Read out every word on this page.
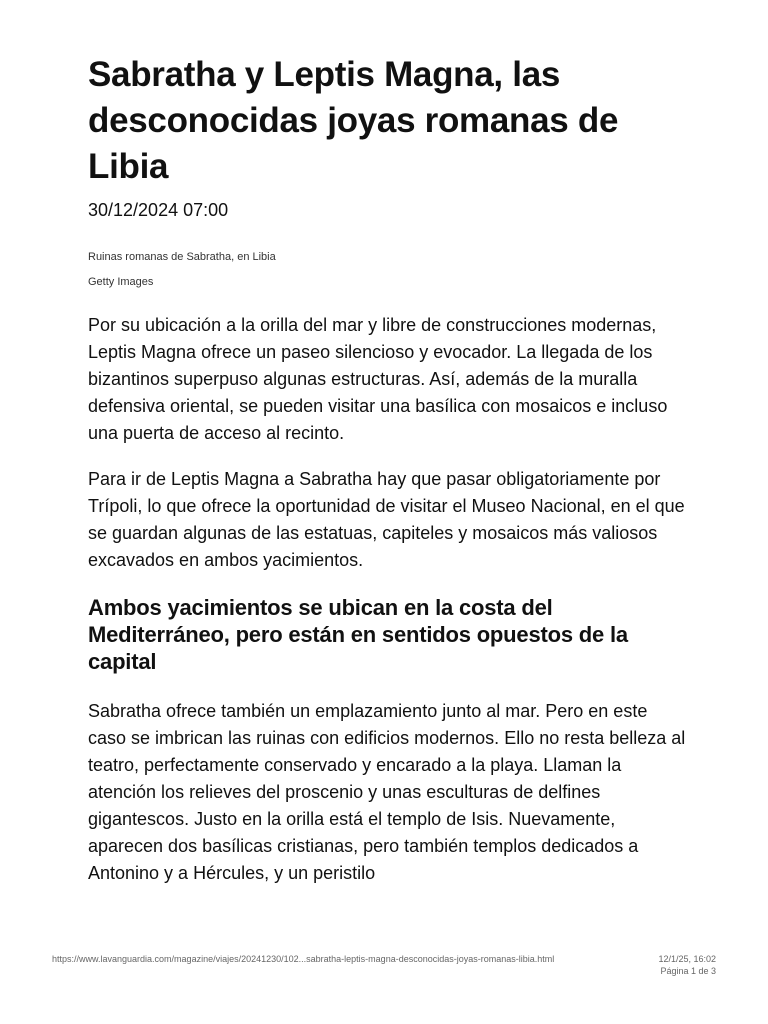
Sabratha y Leptis Magna, las desconocidas joyas romanas de Libia
30/12/2024 07:00
Ruinas romanas de Sabratha, en Libia
Getty Images

Por su ubicación a la orilla del mar y libre de construcciones modernas, Leptis Magna ofrece un paseo silencioso y evocador. La llegada de los bizantinos superpuso algunas estructuras. Así, además de la muralla defensiva oriental, se pueden visitar una basílica con mosaicos e incluso una puerta de acceso al recinto.

Para ir de Leptis Magna a Sabratha hay que pasar obligatoriamente por Trípoli, lo que ofrece la oportunidad de visitar el Museo Nacional, en el que se guardan algunas de las estatuas, capiteles y mosaicos más valiosos excavados en ambos yacimientos.

Ambos yacimientos se ubican en la costa del Mediterráneo, pero están en sentidos opuestos de la capital

Sabratha ofrece también un emplazamiento junto al mar. Pero en este caso se imbrican las ruinas con edificios modernos. Ello no resta belleza al teatro, perfectamente conservado y encarado a la playa. Llaman la atención los relieves del proscenio y unas esculturas de delfines gigantescos. Justo en la orilla está el templo de Isis. Nuevamente, aparecen dos basílicas cristianas, pero también templos dedicados a Antonino y a Hércules, y un peristilo

https://www.lavanguardia.com/magazine/viajes/20241230/102...sabratha-leptis-magna-desconocidas-joyas-romanas-libia.html	12/1/25, 16:02
Página 1 de 3
